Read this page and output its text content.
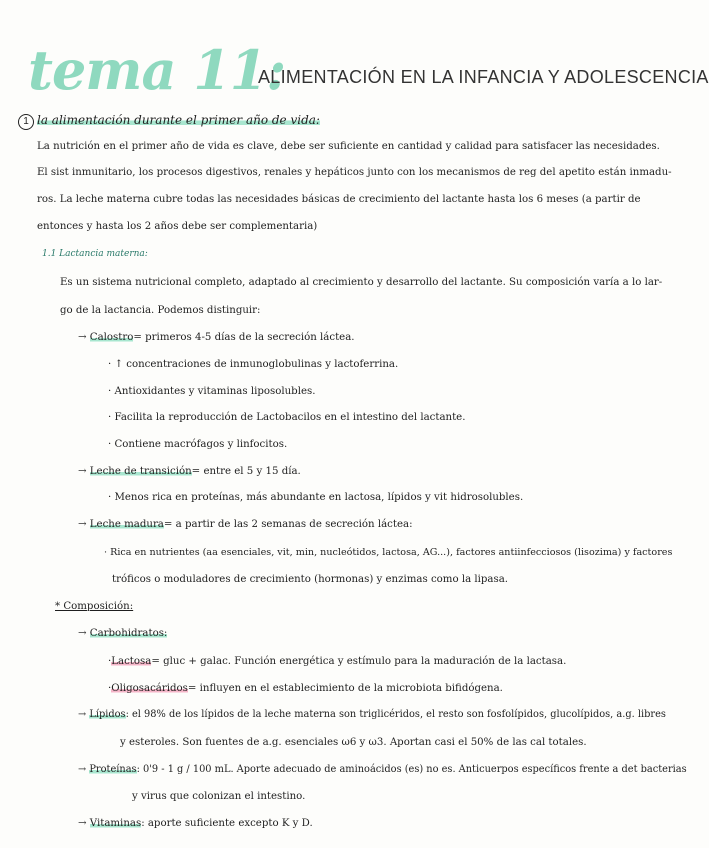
tema 11:
ALIMENTACIÓN EN LA INFANCIA Y ADOLESCENCIA
1 la alimentación durante el primer año de vida:
La nutrición en el primer año de vida es clave, debe ser suficiente en cantidad y calidad para satisfacer las necesidades.
El sist inmunitario, los procesos digestivos, renales y hepáticos junto con los mecanismos de reg del apetito están inmadu-
ros. La leche materna cubre todas las necesidades básicas de crecimiento del lactante hasta los 6 meses (a partir de
entonces y hasta los 2 años debe ser complementaria)
1.1 Lactancia materna:
Es un sistema nutricional completo, adaptado al crecimiento y desarrollo del lactante. Su composición varía a lo lar-
go de la lactancia. Podemos distinguir:
→ Calostro= primeros 4-5 días de la secreción láctea.
· ↑ concentraciones de inmunoglobulinas y lactoferrina.
· Antioxidantes y vitaminas liposolubles.
· Facilita la reproducción de Lactobacilos en el intestino del lactante.
· Contiene macrófagos y linfocitos.
→ Leche de transición= entre el 5 y 15 día.
· Menos rica en proteínas, más abundante en lactosa, lípidos y vit hidrosolubles.
→ Leche madura= a partir de las 2 semanas de secreción láctea:
· Rica en nutrientes (aa esenciales, vit, min, nucleótidos, lactosa, AG...), factores antiinfecciosos (lisozima) y factores
tróficos o moduladores de crecimiento (hormonas) y enzimas como la lipasa.
* Composición:
→ Carbohidratos:
·Lactosa= gluc + galac. Función energética y estímulo para la maduración de la lactasa.
·Oligosacáridos= influyen en el establecimiento de la microbiota bifidógena.
→ Lípidos: el 98% de los lípidos de la leche materna son triglicéridos, el resto son fosfolípidos, glucolípidos, a.g. libres
y esteroles. Son fuentes de a.g. esenciales ω6 y ω3. Aportan casi el 50% de las cal totales.
→ Proteínas: 0'9 - 1 g / 100 mL. Aporte adecuado de aminoácidos (es) no es. Anticuerpos específicos frente a det bacterias
y virus que colonizan el intestino.
→ Vitaminas: aporte suficiente excepto K y D.
